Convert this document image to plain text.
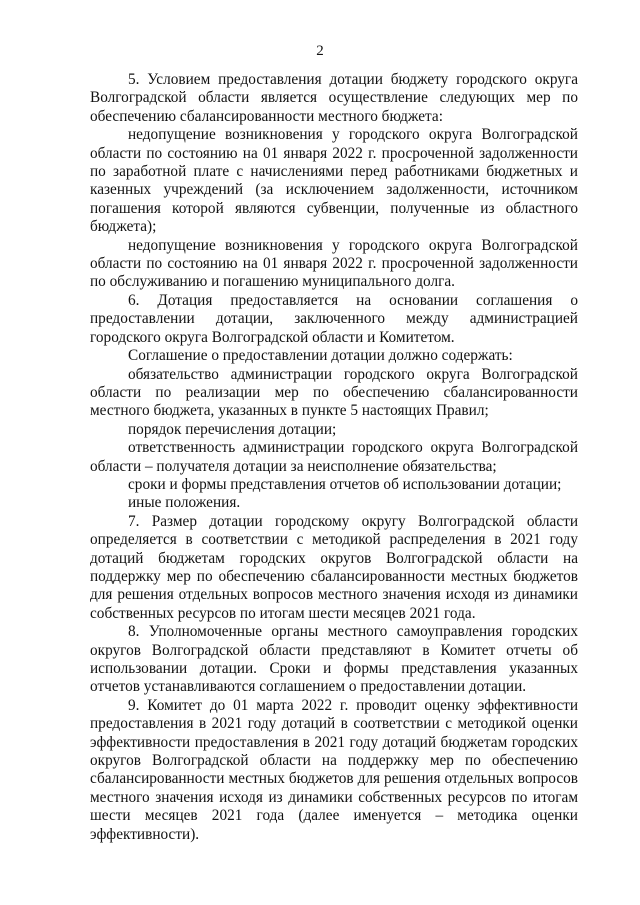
2

5. Условием предоставления дотации бюджету городского округа Волгоградской области является осуществление следующих мер по обеспечению сбалансированности местного бюджета:

недопущение возникновения у городского округа Волгоградской области по состоянию на 01 января 2022 г. просроченной задолженности по заработной плате с начислениями перед работниками бюджетных и казенных учреждений (за исключением задолженности, источником погашения которой являются субвенции, полученные из областного бюджета);

недопущение возникновения у городского округа Волгоградской области по состоянию на 01 января 2022 г. просроченной задолженности по обслуживанию и погашению муниципального долга.

6. Дотация предоставляется на основании соглашения о предоставлении дотации, заключенного между администрацией городского округа Волгоградской области и Комитетом.

Соглашение о предоставлении дотации должно содержать:

обязательство администрации городского округа Волгоградской области по реализации мер по обеспечению сбалансированности местного бюджета, указанных в пункте 5 настоящих Правил;

порядок перечисления дотации;

ответственность администрации городского округа Волгоградской области – получателя дотации за неисполнение обязательства;

сроки и формы представления отчетов об использовании дотации;

иные положения.

7. Размер дотации городскому округу Волгоградской области определяется в соответствии с методикой распределения в 2021 году дотаций бюджетам городских округов Волгоградской области на поддержку мер по обеспечению сбалансированности местных бюджетов для решения отдельных вопросов местного значения исходя из динамики собственных ресурсов по итогам шести месяцев 2021 года.

8. Уполномоченные органы местного самоуправления городских округов Волгоградской области представляют в Комитет отчеты об использовании дотации. Сроки и формы представления указанных отчетов устанавливаются соглашением о предоставлении дотации.

9. Комитет до 01 марта 2022 г. проводит оценку эффективности предоставления в 2021 году дотаций в соответствии с методикой оценки эффективности предоставления в 2021 году дотаций бюджетам городских округов Волгоградской области на поддержку мер по обеспечению сбалансированности местных бюджетов для решения отдельных вопросов местного значения исходя из динамики собственных ресурсов по итогам шести месяцев 2021 года (далее именуется – методика оценки эффективности).
